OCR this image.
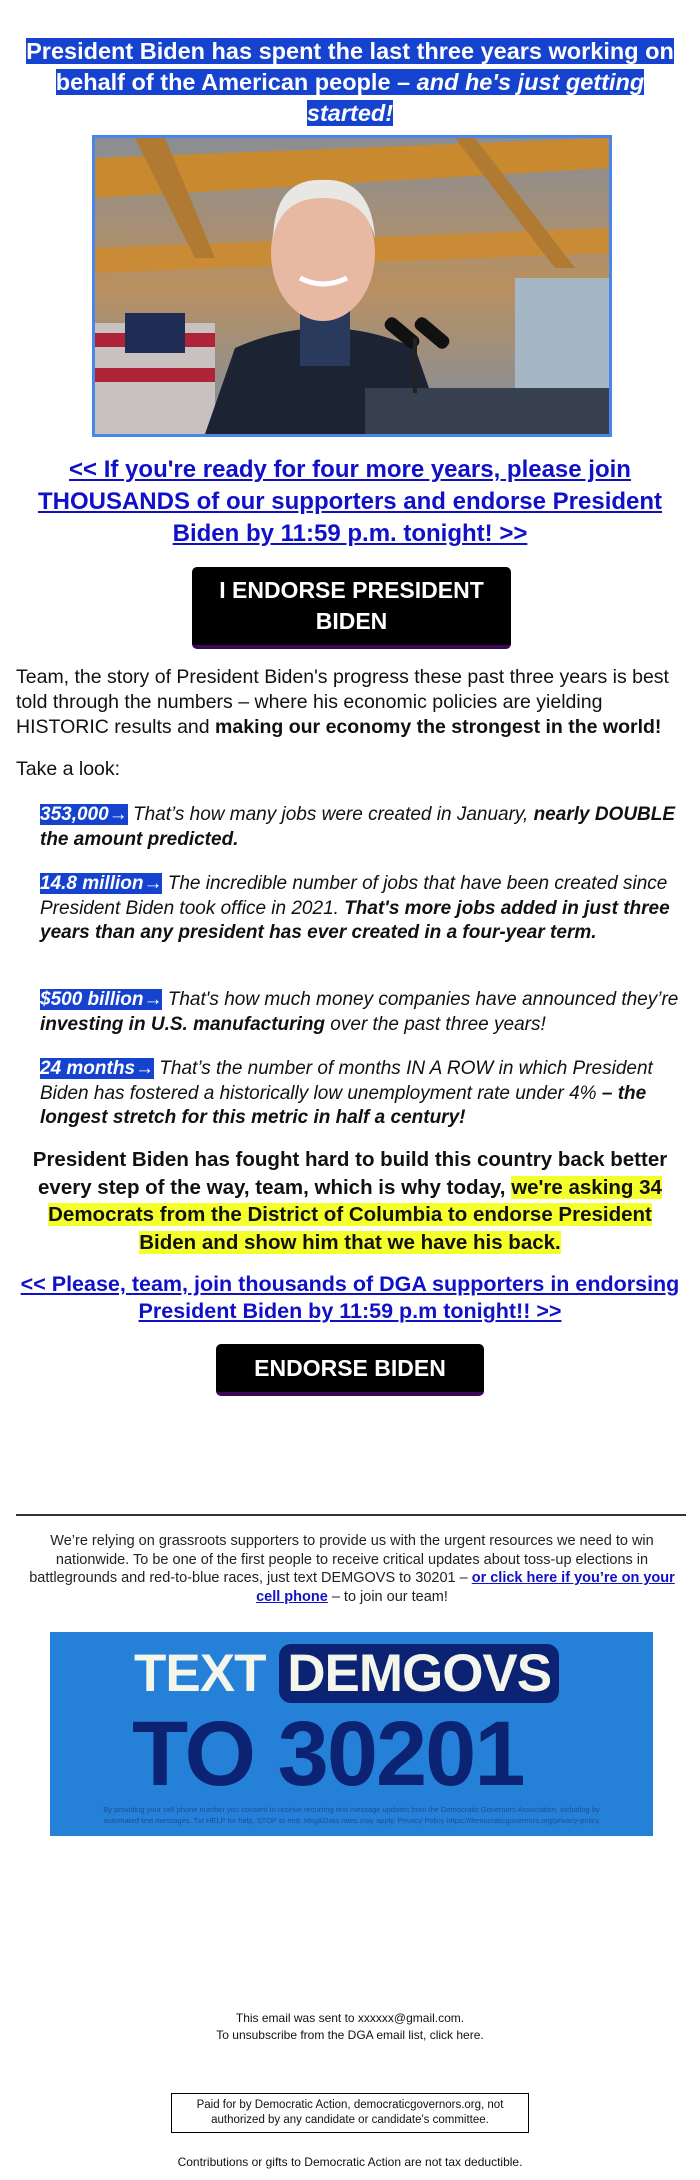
President Biden has spent the last three years working on behalf of the American people – and he's just getting started!
<< If you're ready for four more years, please join THOUSANDS of our supporters and endorse President Biden by 11:59 p.m. tonight! >>
I ENDORSE PRESIDENT BIDEN
Team, the story of President Biden's progress these past three years is best told through the numbers – where his economic policies are yielding HISTORIC results and making our economy the strongest in the world!
Take a look:
353,000→ That’s how many jobs were created in January, nearly DOUBLE the amount predicted.
14.8 million→ The incredible number of jobs that have been created since President Biden took office in 2021. That's more jobs added in just three years than any president has ever created in a four-year term.
$500 billion→ That's how much money companies have announced they’re investing in U.S. manufacturing over the past three years!
24 months→ That’s the number of months IN A ROW in which President Biden has fostered a historically low unemployment rate under 4% – the longest stretch for this metric in half a century!
President Biden has fought hard to build this country back better every step of the way, team, which is why today, we're asking 34 Democrats from the District of Columbia to endorse President Biden and show him that we have his back.
<< Please, team, join thousands of DGA supporters in endorsing President Biden by 11:59 p.m tonight!! >>
ENDORSE BIDEN
We’re relying on grassroots supporters to provide us with the urgent resources we need to win nationwide. To be one of the first people to receive critical updates about toss-up elections in battlegrounds and red-to-blue races, just text DEMGOVS to 30201 – or click here if you’re on your cell phone – to join our team!
TEXT DEMGOVS
TO 30201
By providing your cell phone number you consent to receive recurring text message updates from the Democratic Governors Association, including by automated text messages. Txt HELP for help, STOP to end. Msg&Data rates may apply. Privacy Policy https://democraticgovernors.org/privacy-policy
This email was sent to xxxxxx@gmail.com.
To unsubscribe from the DGA email list, click here.
Paid for by Democratic Action, democraticgovernors.org, not authorized by any candidate or candidate's committee.
Contributions or gifts to Democratic Action are not tax deductible.
